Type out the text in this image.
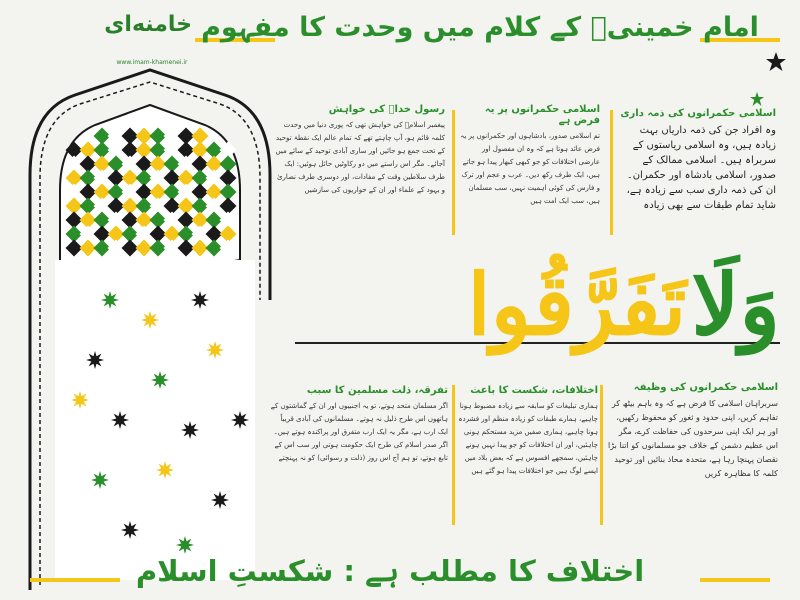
خامنه‌ای
www.imam-khamenei.ir
امام خمینیؒ کے کلام میں وحدت کا مفہوم
اسلامی حکمرانوں کی ذمہ داری

وہ افراد جن کی ذمہ داریاں بہت زیادہ ہیں، وہ اسلامی ریاستوں کے سربراہ ہیں۔ اسلامی ممالک کے صدور، اسلامی بادشاہ اور حکمران۔ ان کی ذمہ داری سب سے زیادہ ہے، شاید تمام طبقات سے بھی زیادہ

اسلامی حکمرانوں پر یہ فرض ہے

تم اسلامی صدور، بادشاہوں اور حکمرانوں پر یہ فرض عائد ہوتا ہے کہ وہ ان مفصول اور عارضی اختلافات کو جو کبھی کبھار پیدا ہو جاتے ہیں، ایک طرف رکھ دیں۔ عرب و عجم اور ترک و فارس کی کوئی اہمیت نہیں، سب مسلمان ہیں، سب ایک امت ہیں

رسول خداؐ کی خواہش

پیغمبر اسلامؐ کی خواہش تھی کہ پوری دنیا میں وحدت کلمہ قائم ہو، آپ چاہتے تھے کہ تمام عالم ایک نقطۂ توحید کے تحت جمع ہو جائیں اور ساری آبادی توحید کے سائے میں آجائے۔ مگر اس راستے میں دو رکاوٹیں حائل ہوئیں: ایک طرف سلاطین وقت کے مفادات، اور دوسری طرف نصاریٰ و یہود کے علماء اور ان کے حواریوں کی سازشیں

وَلَا تَفَرَّقُوا
اسلامی حکمرانوں کی وظیفہ

سربراہان اسلامی کا فرض ہے کہ وہ باہم بیٹھ کر تفاہم کریں، اپنی حدود و ثغور کو محفوظ رکھیں، اور ہر ایک اپنی سرحدوں کی حفاظت کرے، مگر اس عظیم دشمن کے خلاف جو مسلمانوں کو اتنا بڑا نقصان پہنچا رہا ہے، متحدہ محاذ بنائیں اور توحید کلمہ کا مظاہرہ کریں

اختلافات، شکست کا باعث

ہماری تبلیغات کو سابقہ سے زیادہ مضبوط ہونا چاہیے، ہمارے طبقات کو زیادہ منظم اور فشردہ ہونا چاہیے، ہماری صفیں مزید مستحکم ہونی چاہئیں، اور ان اختلافات کو جو پیدا نہیں ہونے چاہئیں، سمجھے افسوس ہے کہ بعض بلاد میں ایسے لوگ ہیں جو اختلافات پیدا ہو گئے ہیں

تفرقہ، ذلت مسلمین کا سبب

اگر مسلمان متحد ہوتے، تو یہ اجنبیوں اور ان کے گماشتوں کے ہاتھوں اس طرح ذلیل نہ ہوتے۔ مسلمانوں کی آبادی قریباً ایک ارب ہے، مگر یہ ایک ارب متفرق اور پراکندہ ہوتے ہیں۔ اگر صدر اسلام کی طرح ایک حکومت ہوتی اور سب اس کے تابع ہوتے، تو ہم آج اس روز (ذلت و رسوائی) کو نہ پہنچتے

اختلاف کا مطلب ہے : شکستِ اسلام
